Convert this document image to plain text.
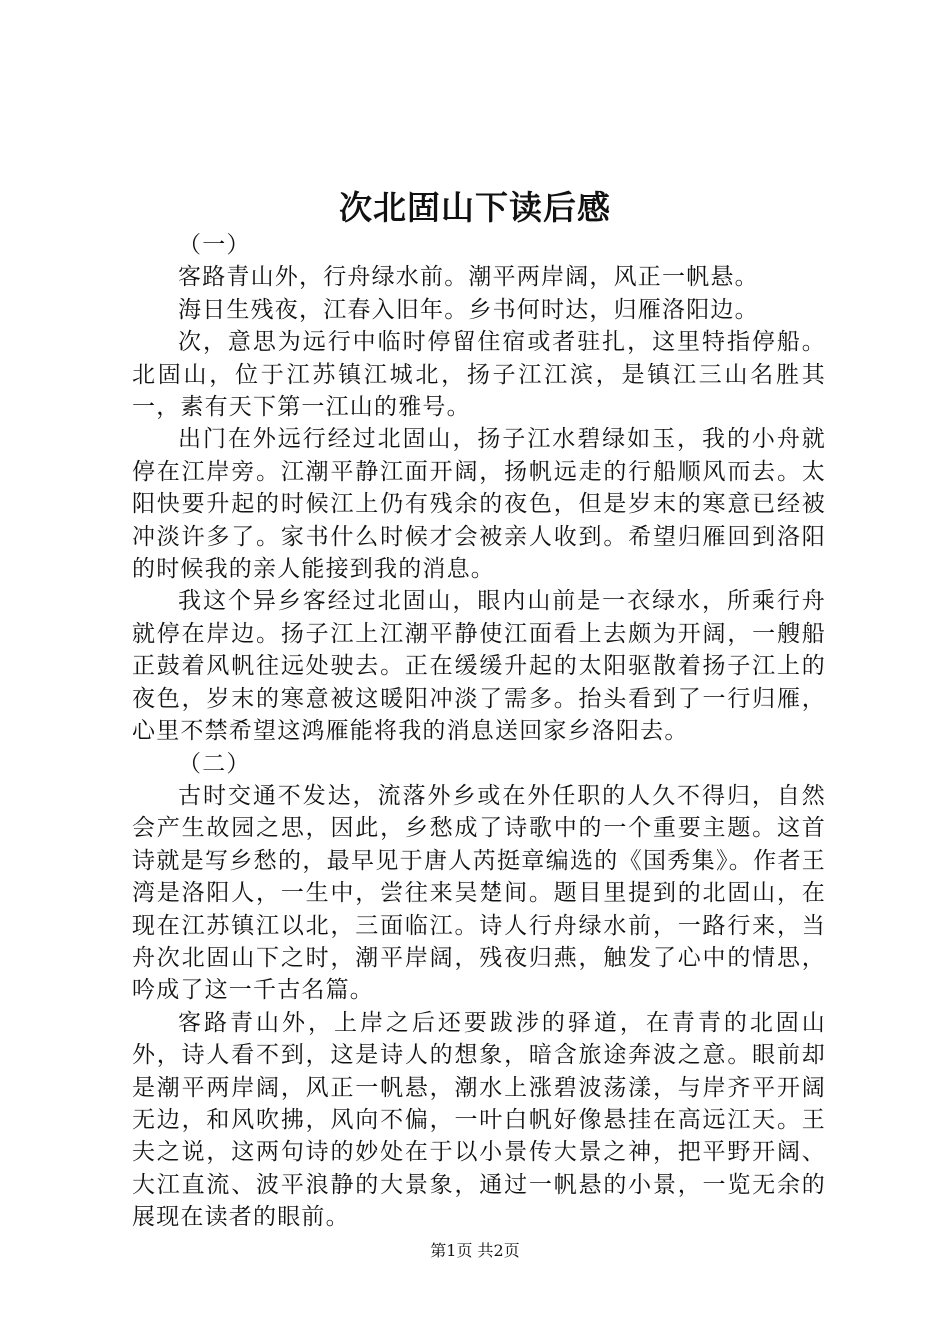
次北固山下读后感

（一）

客路青山外，行舟绿水前。潮平两岸阔，风正一帆悬。

海日生残夜，江春入旧年。乡书何时达，归雁洛阳边。

次，意思为远行中临时停留住宿或者驻扎，这里特指停船。北固山，位于江苏镇江城北，扬子江江滨，是镇江三山名胜其一，素有天下第一江山的雅号。

出门在外远行经过北固山，扬子江水碧绿如玉，我的小舟就停在江岸旁。江潮平静江面开阔，扬帆远走的行船顺风而去。太阳快要升起的时候江上仍有残余的夜色，但是岁末的寒意已经被冲淡许多了。家书什么时候才会被亲人收到。希望归雁回到洛阳的时候我的亲人能接到我的消息。

我这个异乡客经过北固山，眼内山前是一衣绿水，所乘行舟就停在岸边。扬子江上江潮平静使江面看上去颇为开阔，一艘船正鼓着风帆往远处驶去。正在缓缓升起的太阳驱散着扬子江上的夜色，岁末的寒意被这暖阳冲淡了需多。抬头看到了一行归雁，心里不禁希望这鸿雁能将我的消息送回家乡洛阳去。

（二）

古时交通不发达，流落外乡或在外任职的人久不得归，自然会产生故园之思，因此，乡愁成了诗歌中的一个重要主题。这首诗就是写乡愁的，最早见于唐人芮挺章编选的《国秀集》。作者王湾是洛阳人，一生中，尝往来吴楚间。题目里提到的北固山，在现在江苏镇江以北，三面临江。诗人行舟绿水前，一路行来，当舟次北固山下之时，潮平岸阔，残夜归燕，触发了心中的情思，吟成了这一千古名篇。

客路青山外，上岸之后还要跋涉的驿道，在青青的北固山外，诗人看不到，这是诗人的想象，暗含旅途奔波之意。眼前却是潮平两岸阔，风正一帆悬，潮水上涨碧波荡漾，与岸齐平开阔无边，和风吹拂，风向不偏，一叶白帆好像悬挂在高远江天。王夫之说，这两句诗的妙处在于以小景传大景之神，把平野开阔、大江直流、波平浪静的大景象，通过一帆悬的小景，一览无余的展现在读者的眼前。

第1页 共2页
